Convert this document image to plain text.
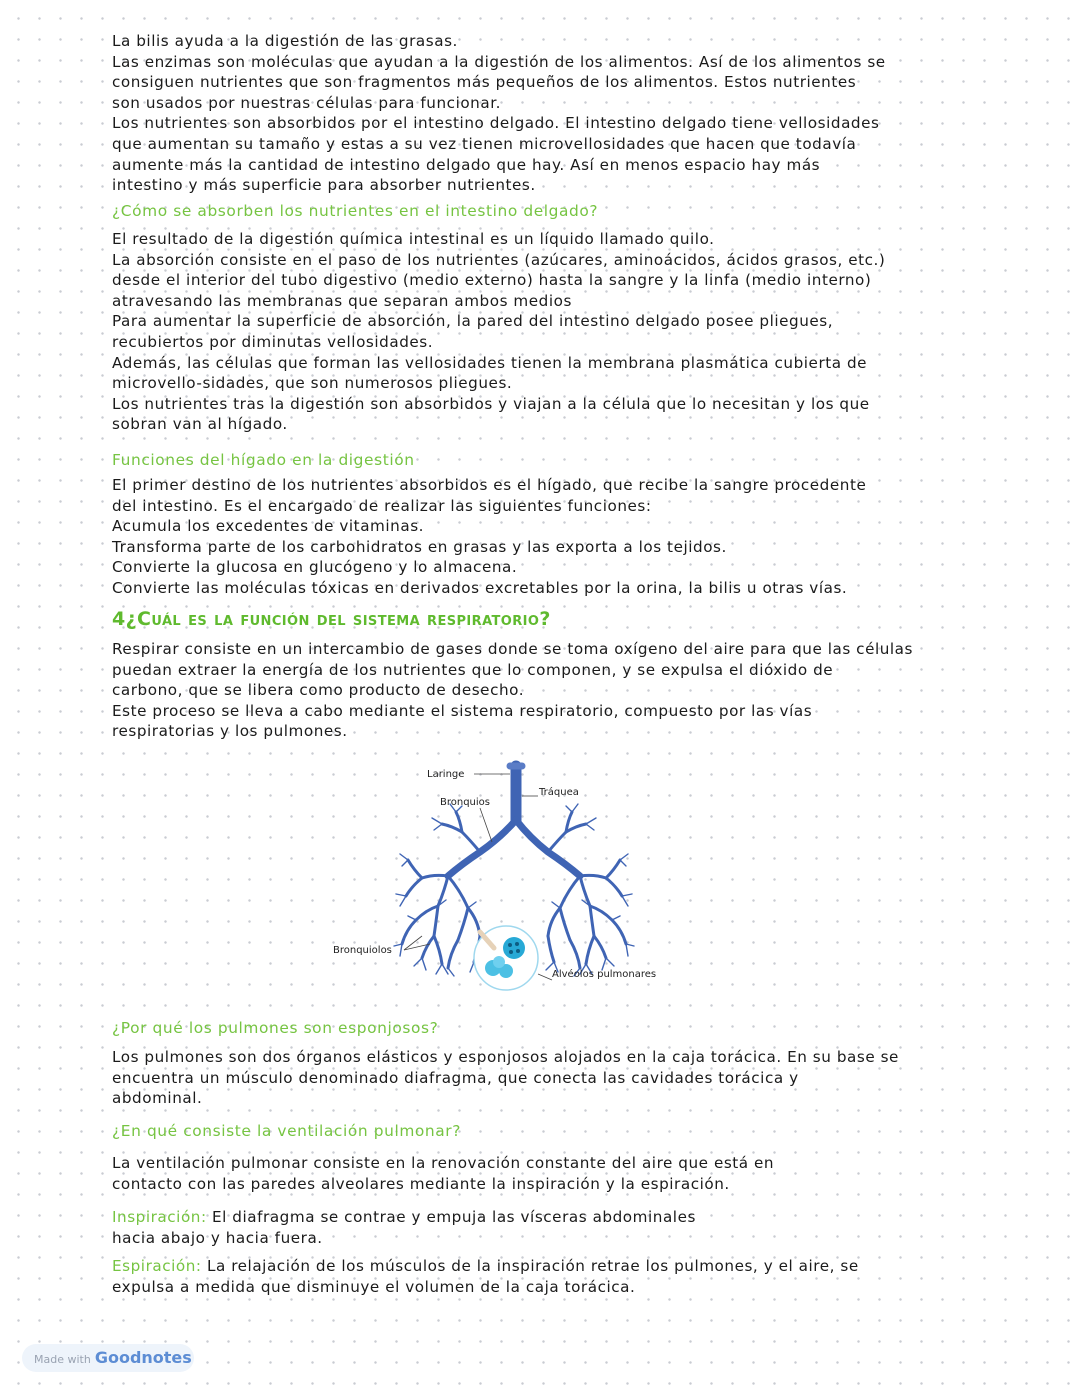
La bilis ayuda a la digestión de las grasas.
Las enzimas son moléculas que ayudan a la digestión de los alimentos. Así de los alimentos se
consiguen nutrientes que son fragmentos más pequeños de los alimentos. Estos nutrientes
son usados por nuestras células para funcionar.
Los nutrientes son absorbidos por el intestino delgado. El intestino delgado tiene vellosidades
que aumentan su tamaño y estas a su vez tienen microvellosidades que hacen que todavía
aumente más la cantidad de intestino delgado que hay. Así en menos espacio hay más
intestino y más superficie para absorber nutrientes.
¿Cómo se absorben los nutrientes en el intestino delgado?
El resultado de la digestión química intestinal es un líquido llamado quilo.
La absorción consiste en el paso de los nutrientes (azúcares, aminoácidos, ácidos grasos, etc.)
desde el interior del tubo digestivo (medio externo) hasta la sangre y la linfa (medio interno)
atravesando las membranas que separan ambos medios
Para aumentar la superficie de absorción, la pared del intestino delgado posee pliegues,
recubiertos por diminutas vellosidades.
Además, las células que forman las vellosidades tienen la membrana plasmática cubierta de
microvello-sidades, que son numerosos pliegues.
Los nutrientes tras la digestión son absorbidos y viajan a la célula que lo necesitan y los que
sobran van al hígado.
Funciones del hígado en la digestión
El primer destino de los nutrientes absorbidos es el hígado, que recibe la sangre procedente
del intestino. Es el encargado de realizar las siguientes funciones:
Acumula los excedentes de vitaminas.
Transforma parte de los carbohidratos en grasas y las exporta a los tejidos.
Convierte la glucosa en glucógeno y lo almacena.
Convierte las moléculas tóxicas en derivados excretables por la orina, la bilis u otras vías.
4¿Cuál es la función del sistema respiratorio?
Respirar consiste en un intercambio de gases donde se toma oxígeno del aire para que las células
puedan extraer la energía de los nutrientes que lo componen, y se expulsa el dióxido de
carbono, que se libera como producto de desecho.
Este proceso se lleva a cabo mediante el sistema respiratorio, compuesto por las vías
respiratorias y los pulmones.
Laringe
Tráquea
Bronquios
Bronquiolos
Alvéolos pulmonares
¿Por qué los pulmones son esponjosos?
Los pulmones son dos órganos elásticos y esponjosos alojados en la caja torácica. En su base se
encuentra un músculo denominado diafragma, que conecta las cavidades torácica y
abdominal.
¿En qué consiste la ventilación pulmonar?
La ventilación pulmonar consiste en la renovación constante del aire que está en
contacto con las paredes alveolares mediante la inspiración y la espiración.
Inspiración: El diafragma se contrae y empuja las vísceras abdominales
hacia abajo y hacia fuera.
Espiración: La relajación de los músculos de la inspiración retrae los pulmones, y el aire, se
expulsa a medida que disminuye el volumen de la caja torácica.
Made with Goodnotes
